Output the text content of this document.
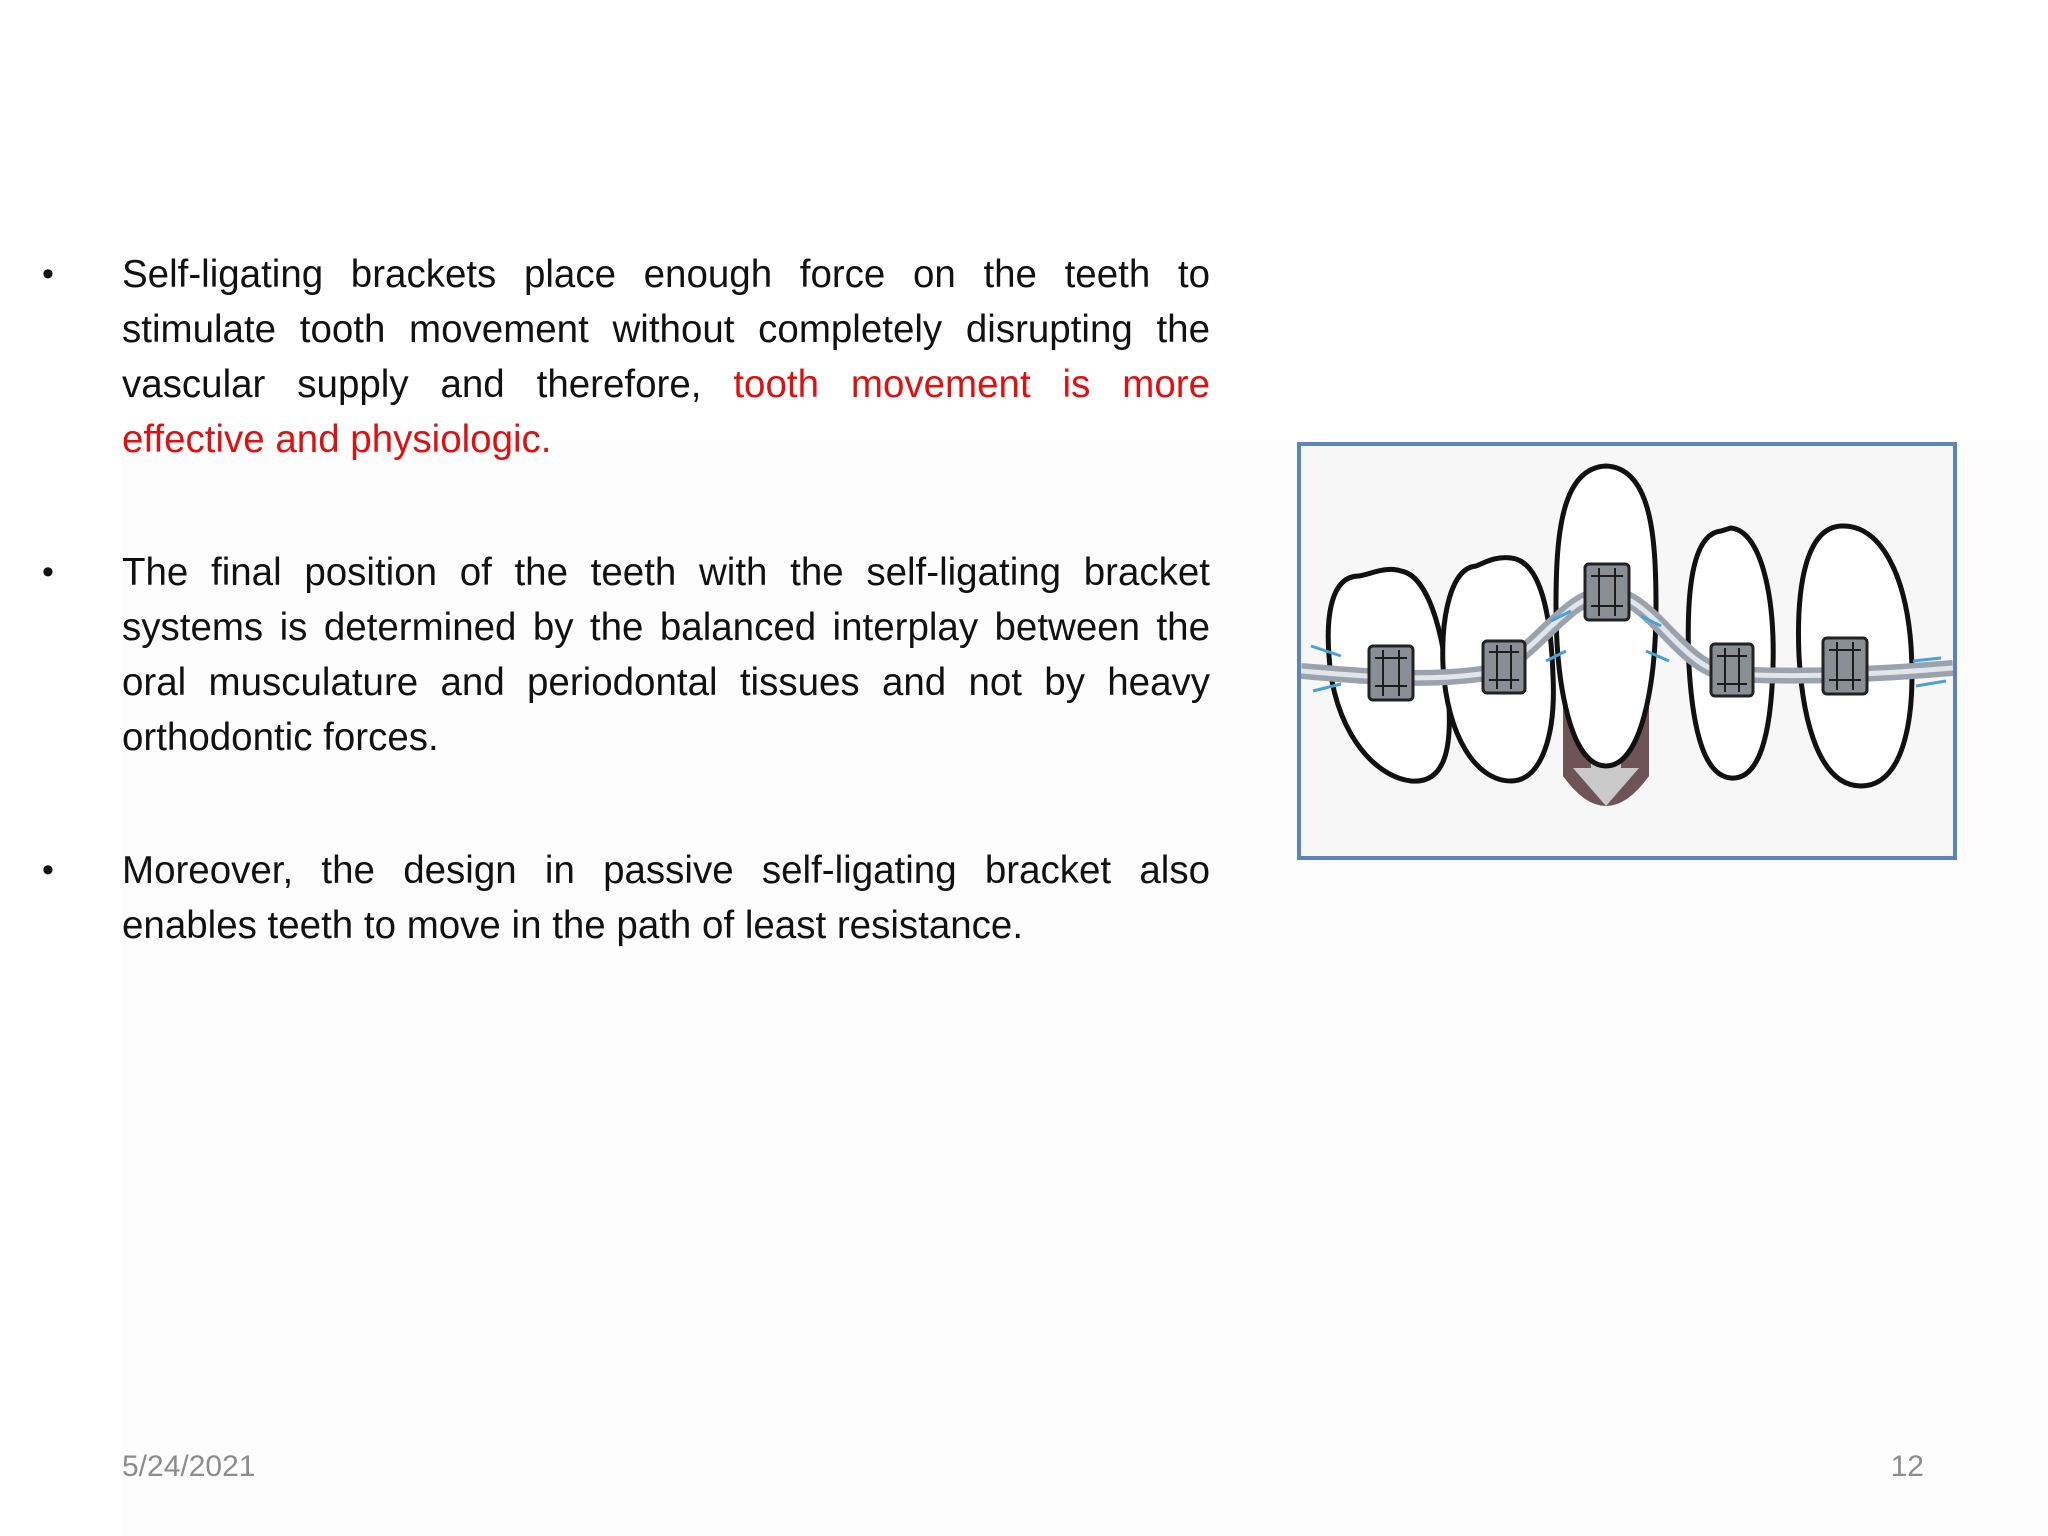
• Self-ligating brackets place enough force on the teeth to stimulate tooth movement without completely disrupting the vascular supply and therefore, tooth movement is more effective and physiologic.
• The final position of the teeth with the self-ligating bracket systems is determined by the balanced interplay between the oral musculature and periodontal tissues and not by heavy orthodontic forces.
• Moreover, the design in passive self-ligating bracket also enables teeth to move in the path of least resistance.
5/24/2021	12
